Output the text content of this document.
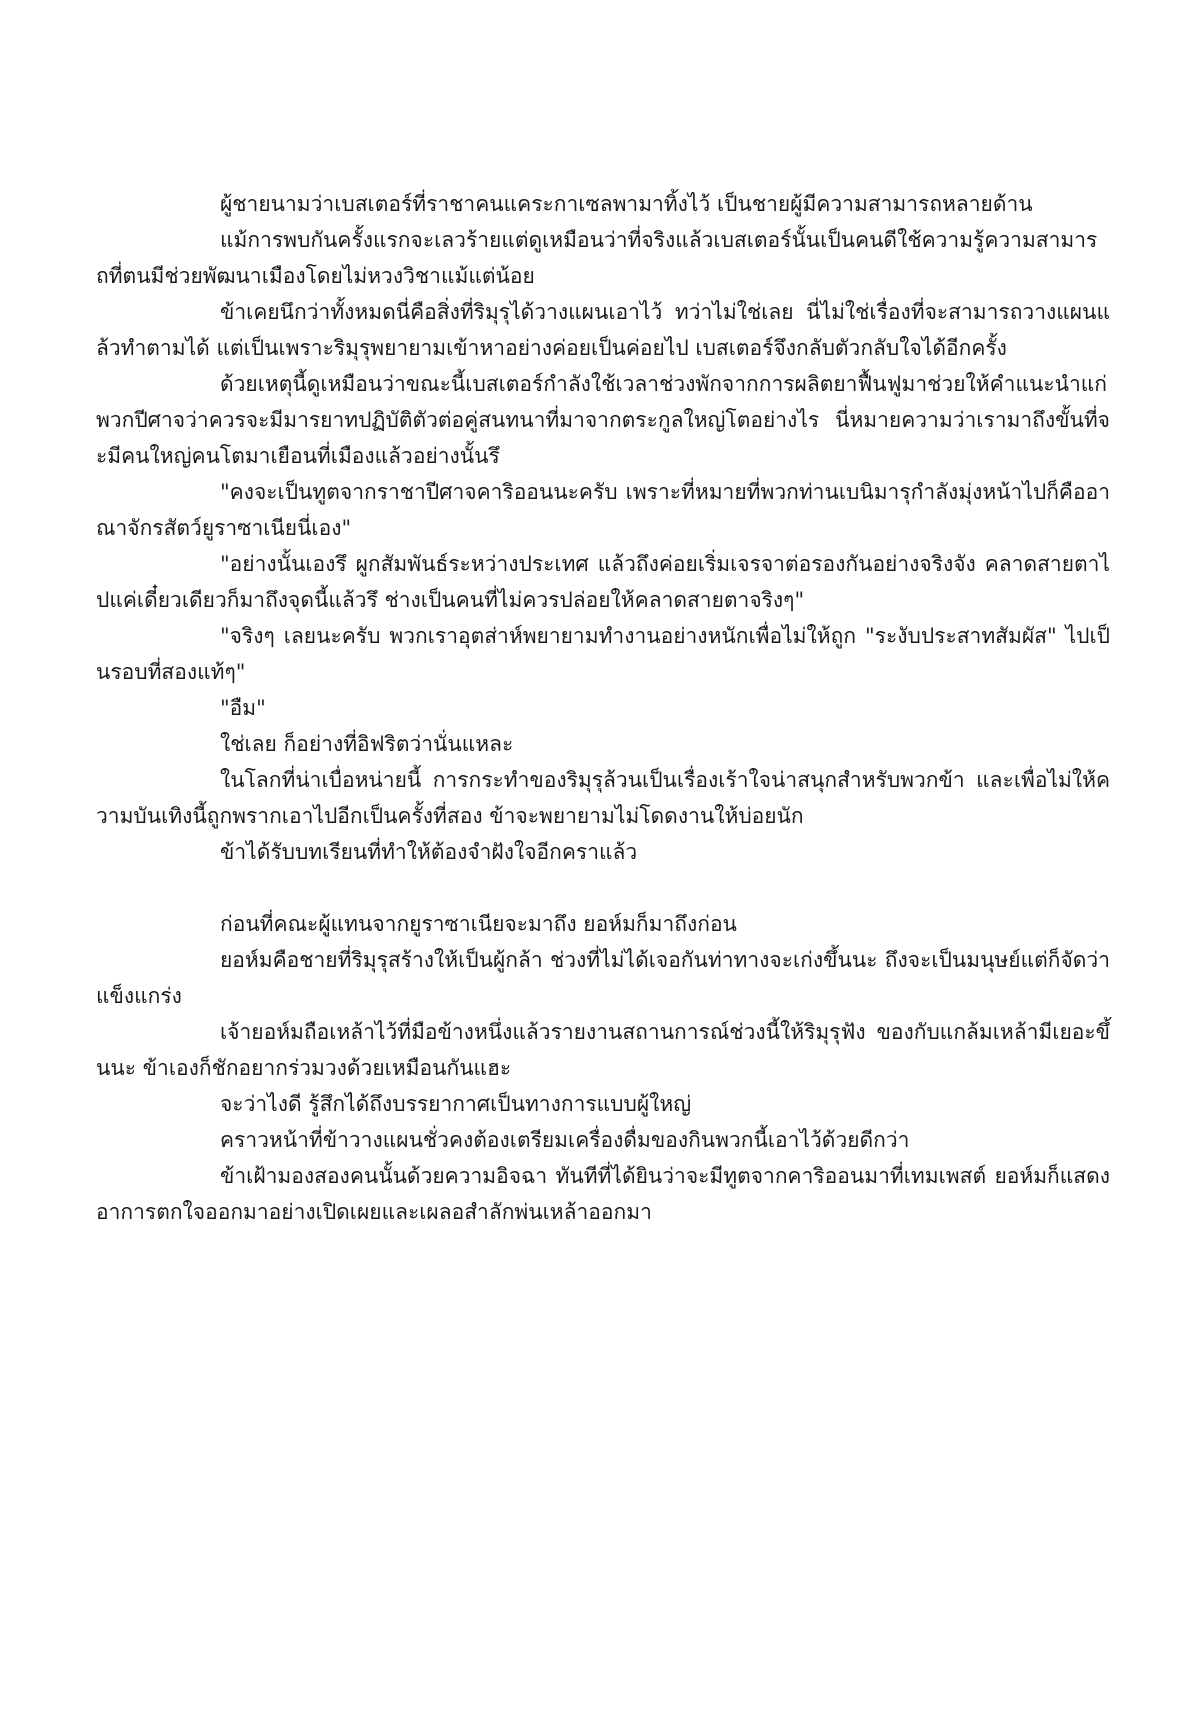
ผู้ชายนามว่าเบสเตอร์ที่ราชาคนแคระกาเซลพามาทิ้งไว้ เป็นชายผู้มีความสามารถหลายด้าน

แม้การพบกันครั้งแรกจะเลวร้ายแต่ดูเหมือนว่าที่จริงแล้วเบสเตอร์นั้นเป็นคนดีใช้ความรู้ความสามารถที่ตนมีช่วยพัฒนาเมืองโดยไม่หวงวิชาแม้แต่น้อย

ข้าเคยนึกว่าทั้งหมดนี่คือสิ่งที่ริมุรุได้วางแผนเอาไว้ ทว่าไม่ใช่เลย นี่ไม่ใช่เรื่องที่จะสามารถวางแผนแล้วทำตามได้ แต่เป็นเพราะริมุรุพยายามเข้าหาอย่างค่อยเป็นค่อยไป เบสเตอร์จึงกลับตัวกลับใจได้อีกครั้ง

ด้วยเหตุนี้ดูเหมือนว่าขณะนี้เบสเตอร์กำลังใช้เวลาช่วงพักจากการผลิตยาฟื้นฟูมาช่วยให้คำแนะนำแก่พวกปีศาจว่าควรจะมีมารยาทปฏิบัติตัวต่อคู่สนทนาที่มาจากตระกูลใหญ่โตอย่างไร นี่หมายความว่าเรามาถึงขั้นที่จะมีคนใหญ่คนโตมาเยือนที่เมืองแล้วอย่างนั้นรึ

"คงจะเป็นทูตจากราชาปีศาจคาริออนนะครับ เพราะที่หมายที่พวกท่านเบนิมารุกำลังมุ่งหน้าไปก็คืออาณาจักรสัตว์ยูราซาเนียนี่เอง"

"อย่างนั้นเองรึ ผูกสัมพันธ์ระหว่างประเทศ แล้วถึงค่อยเริ่มเจรจาต่อรองกันอย่างจริงจัง คลาดสายตาไปแค่เดี๋ยวเดียวก็มาถึงจุดนี้แล้วรึ ช่างเป็นคนที่ไม่ควรปล่อยให้คลาดสายตาจริงๆ"

"จริงๆ เลยนะครับ พวกเราอุตส่าห์พยายามทำงานอย่างหนักเพื่อไม่ให้ถูก "ระงับประสาทสัมผัส" ไปเป็นรอบที่สองแท้ๆ"

"อืม"

ใช่เลย ก็อย่างที่อิฟริตว่านั่นแหละ

ในโลกที่น่าเบื่อหน่ายนี้ การกระทำของริมุรุล้วนเป็นเรื่องเร้าใจน่าสนุกสำหรับพวกข้า และเพื่อไม่ให้ความบันเทิงนี้ถูกพรากเอาไปอีกเป็นครั้งที่สอง ข้าจะพยายามไม่โดดงานให้บ่อยนัก

ข้าได้รับบทเรียนที่ทำให้ต้องจำฝังใจอีกคราแล้ว

ก่อนที่คณะผู้แทนจากยูราซาเนียจะมาถึง ยอห์มก็มาถึงก่อน

ยอห์มคือชายที่ริมุรุสร้างให้เป็นผู้กล้า ช่วงที่ไม่ได้เจอกันท่าทางจะเก่งขึ้นนะ ถึงจะเป็นมนุษย์แต่ก็จัดว่าแข็งแกร่ง

เจ้ายอห์มถือเหล้าไว้ที่มือข้างหนึ่งแล้วรายงานสถานการณ์ช่วงนี้ให้ริมุรุฟัง ของกับแกล้มเหล้ามีเยอะขึ้นนะ ข้าเองก็ชักอยากร่วมวงด้วยเหมือนกันแฮะ

จะว่าไงดี รู้สึกได้ถึงบรรยากาศเป็นทางการแบบผู้ใหญ่

คราวหน้าที่ข้าวางแผนชั่วคงต้องเตรียมเครื่องดื่มของกินพวกนี้เอาไว้ด้วยดีกว่า

ข้าเฝ้ามองสองคนนั้นด้วยความอิจฉา ทันทีที่ได้ยินว่าจะมีทูตจากคาริออนมาที่เทมเพสต์ ยอห์มก็แสดงอาการตกใจออกมาอย่างเปิดเผยและเผลอสำลักพ่นเหล้าออกมา
